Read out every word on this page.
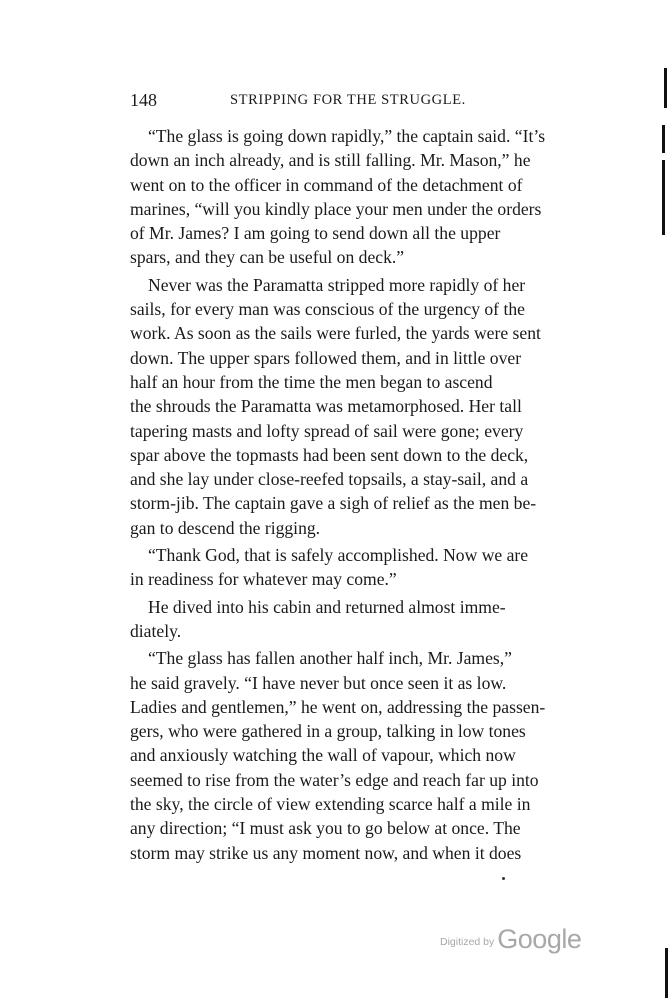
148	STRIPPING FOR THE STRUGGLE.

“The glass is going down rapidly,” the captain said. “It’s
down an inch already, and is still falling. Mr. Mason,” he
went on to the officer in command of the detachment of
marines, “will you kindly place your men under the orders
of Mr. James? I am going to send down all the upper
spars, and they can be useful on deck.”

Never was the Paramatta stripped more rapidly of her
sails, for every man was conscious of the urgency of the
work. As soon as the sails were furled, the yards were sent
down. The upper spars followed them, and in little over
half an hour from the time the men began to ascend
the shrouds the Paramatta was metamorphosed. Her tall
tapering masts and lofty spread of sail were gone; every
spar above the topmasts had been sent down to the deck,
and she lay under close-reefed topsails, a stay-sail, and a
storm-jib. The captain gave a sigh of relief as the men be-
gan to descend the rigging.

“Thank God, that is safely accomplished. Now we are
in readiness for whatever may come.”

He dived into his cabin and returned almost imme-
diately.

“The glass has fallen another half inch, Mr. James,”
he said gravely. “I have never but once seen it as low.
Ladies and gentlemen,” he went on, addressing the passen-
gers, who were gathered in a group, talking in low tones
and anxiously watching the wall of vapour, which now
seemed to rise from the water’s edge and reach far up into
the sky, the circle of view extending scarce half a mile in
any direction; “I must ask you to go below at once. The
storm may strike us any moment now, and when it does

Digitized by Google
